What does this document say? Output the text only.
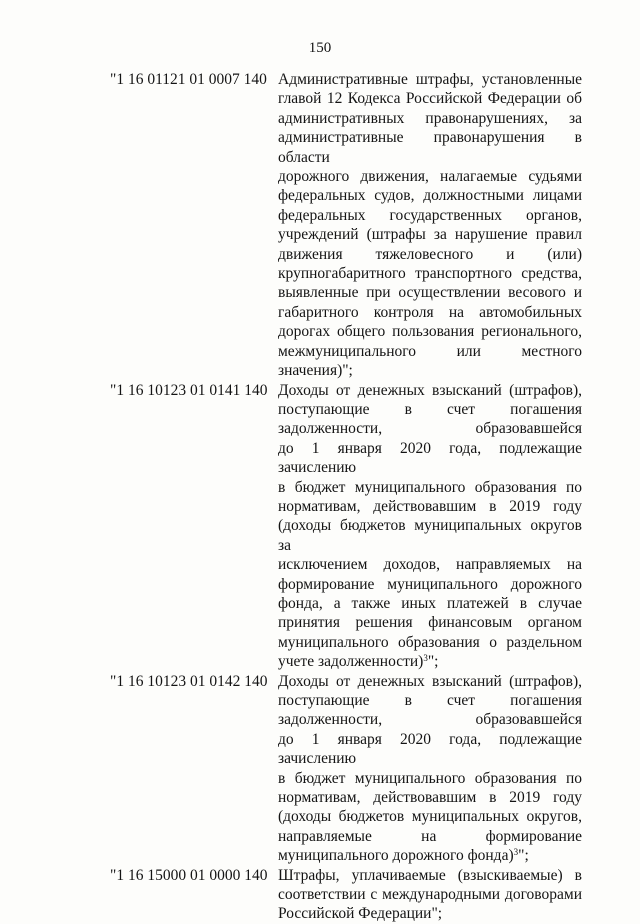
150
"1 16 01121 01 0007 140 Административные штрафы, установленные
главой 12 Кодекса Российской Федерации об
административных правонарушениях, за
административные правонарушения в области
дорожного движения, налагаемые судьями
федеральных судов, должностными лицами
федеральных государственных органов,
учреждений (штрафы за нарушение правил
движения тяжеловесного и (или)
крупногабаритного транспортного средства,
выявленные при осуществлении весового и
габаритного контроля на автомобильных
дорогах общего пользования регионального,
межмуниципального или местного значения)";
"1 16 10123 01 0141 140 Доходы от денежных взысканий (штрафов),
поступающие в счет погашения
задолженности, образовавшейся
до 1 января 2020 года, подлежащие зачислению
в бюджет муниципального образования по
нормативам, действовавшим в 2019 году
(доходы бюджетов муниципальных округов за
исключением доходов, направляемых на
формирование муниципального дорожного
фонда, а также иных платежей в случае
принятия решения финансовым органом
муниципального образования о раздельном
учете задолженности)$^3$";
"1 16 10123 01 0142 140 Доходы от денежных взысканий (штрафов),
поступающие в счет погашения
задолженности, образовавшейся
до 1 января 2020 года, подлежащие зачислению
в бюджет муниципального образования по
нормативам, действовавшим в 2019 году
(доходы бюджетов муниципальных округов,
направляемые на формирование
муниципального дорожного фонда)$^3$";
"1 16 15000 01 0000 140 Штрафы, уплачиваемые (взыскиваемые) в
соответствии с международными договорами
Российской Федерации";
